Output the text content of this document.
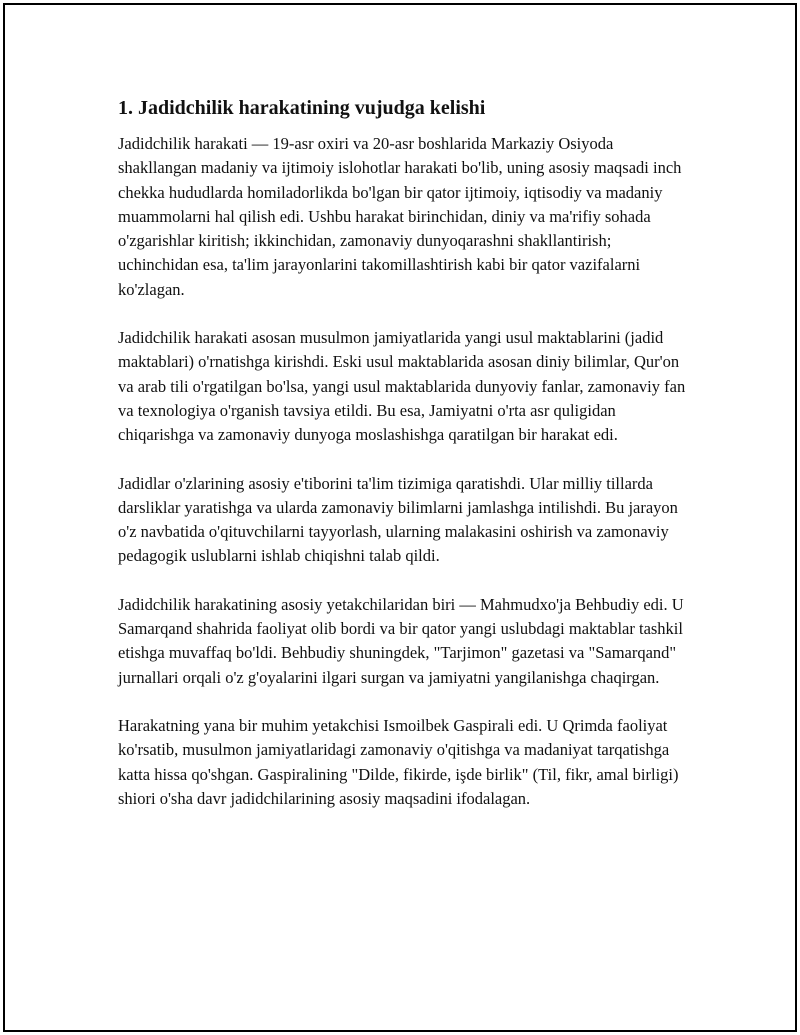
1. Jadidchilik harakatining vujudga kelishi

Jadidchilik harakati — 19-asr oxiri va 20-asr boshlarida Markaziy Osiyoda shakllangan madaniy va ijtimoiy islohotlar harakati bo'lib, uning asosiy maqsadi inch chekka hududlarda homiladorlikda bo'lgan bir qator ijtimoiy, iqtisodiy va madaniy muammolarni hal qilish edi. Ushbu harakat birinchidan, diniy va ma'rifiy sohada o'zgarishlar kiritish; ikkinchidan, zamonaviy dunyoqarashni shakllantirish; uchinchidan esa, ta'lim jarayonlarini takomillashtirish kabi bir qator vazifalarni ko'zlagan.

Jadidchilik harakati asosan musulmon jamiyatlarida yangi usul maktablarini (jadid maktablari) o'rnatishga kirishdi. Eski usul maktablarida asosan diniy bilimlar, Qur'on va arab tili o'rgatilgan bo'lsa, yangi usul maktablarida dunyoviy fanlar, zamonaviy fan va texnologiya o'rganish tavsiya etildi. Bu esa, Jamiyatni o'rta asr quligidan chiqarishga va zamonaviy dunyoga moslashishga qaratilgan bir harakat edi.

Jadidlar o'zlarining asosiy e'tiborini ta'lim tizimiga qaratishdi. Ular milliy tillarda darsliklar yaratishga va ularda zamonaviy bilimlarni jamlashga intilishdi. Bu jarayon o'z navbatida o'qituvchilarni tayyorlash, ularning malakasini oshirish va zamonaviy pedagogik uslublarni ishlab chiqishni talab qildi.

Jadidchilik harakatining asosiy yetakchilaridan biri — Mahmudxo'ja Behbudiy edi. U Samarqand shahrida faoliyat olib bordi va bir qator yangi uslubdagi maktablar tashkil etishga muvaffaq bo'ldi. Behbudiy shuningdek, "Tarjimon" gazetasi va "Samarqand" jurnallari orqali o'z g'oyalarini ilgari surgan va jamiyatni yangilanishga chaqirgan.

Harakatning yana bir muhim yetakchisi Ismoilbek Gaspirali edi. U Qrimda faoliyat ko'rsatib, musulmon jamiyatlaridagi zamonaviy o'qitishga va madaniyat tarqatishga katta hissa qo'shgan. Gaspiralining "Dilde, fikirde, işde birlik" (Til, fikr, amal birligi) shiori o'sha davr jadidchilarining asosiy maqsadini ifodalagan.
